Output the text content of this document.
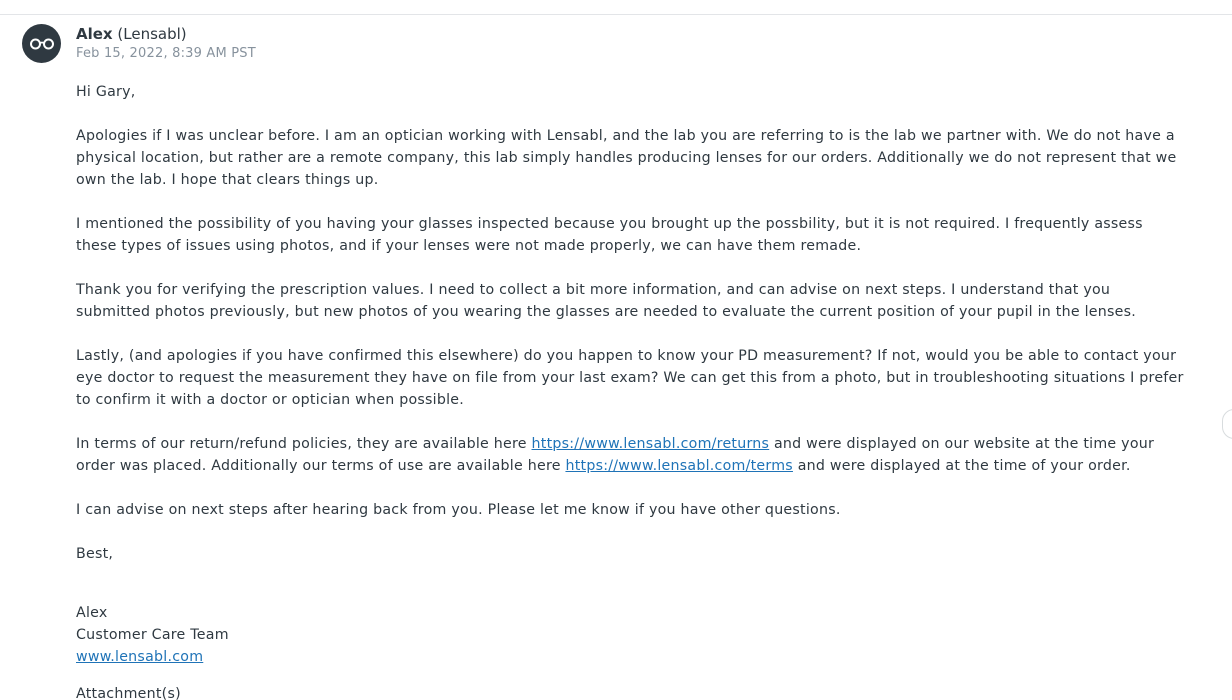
Alex (Lensabl)
Feb 15, 2022, 8:39 AM PST

Hi Gary,

Apologies if I was unclear before. I am an optician working with Lensabl, and the lab you are referring to is the lab we partner with. We do not have a physical location, but rather are a remote company, this lab simply handles producing lenses for our orders. Additionally we do not represent that we own the lab. I hope that clears things up.

I mentioned the possibility of you having your glasses inspected because you brought up the possbility, but it is not required. I frequently assess these types of issues using photos, and if your lenses were not made properly, we can have them remade.

Thank you for verifying the prescription values. I need to collect a bit more information, and can advise on next steps. I understand that you submitted photos previously, but new photos of you wearing the glasses are needed to evaluate the current position of your pupil in the lenses.

Lastly, (and apologies if you have confirmed this elsewhere) do you happen to know your PD measurement? If not, would you be able to contact your eye doctor to request the measurement they have on file from your last exam? We can get this from a photo, but in troubleshooting situations I prefer to confirm it with a doctor or optician when possible.

In terms of our return/refund policies, they are available here https://www.lensabl.com/returns and were displayed on our website at the time your order was placed. Additionally our terms of use are available here https://www.lensabl.com/terms and were displayed at the time of your order.

I can advise on next steps after hearing back from you. Please let me know if you have other questions.

Best,

Alex

Customer Care Team

www.lensabl.com

Attachment(s)
